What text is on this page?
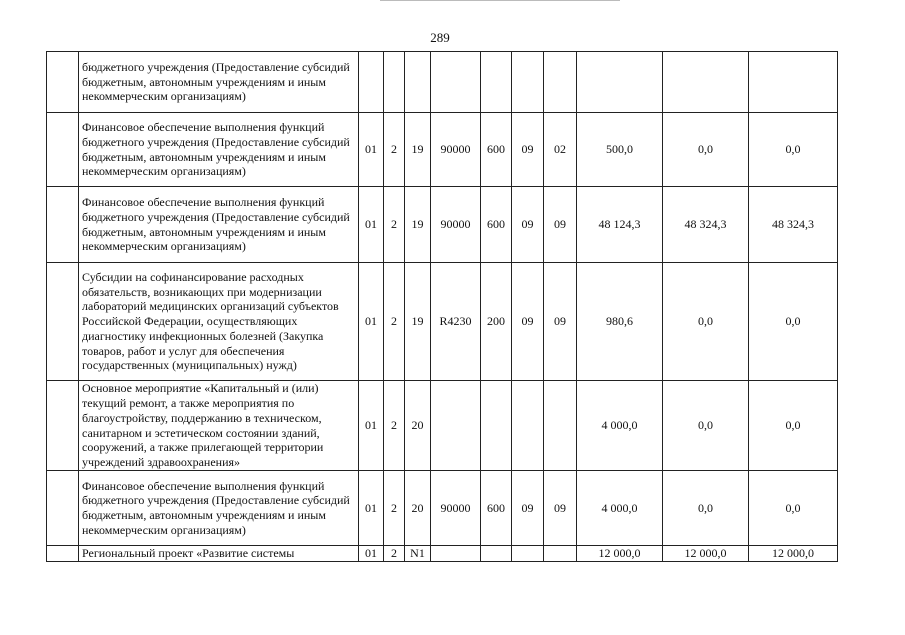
289
	бюджетного учреждения (Предоставление субсидий бюджетным, автономным учреждениям и иным некоммерческим организациям)										
	Финансовое обеспечение выполнения функций бюджетного учреждения (Предоставление субсидий бюджетным, автономным учреждениям и иным некоммерческим организациям)	01	2	19	90000	600	09	02	500,0	0,0	0,0
	Финансовое обеспечение выполнения функций бюджетного учреждения (Предоставление субсидий бюджетным, автономным учреждениям и иным некоммерческим организациям)	01	2	19	90000	600	09	09	48 124,3	48 324,3	48 324,3
	Субсидии на софинансирование расходных обязательств, возникающих при модернизации лабораторий медицинских организаций субъектов Российской Федерации, осуществляющих диагностику инфекционных болезней (Закупка товаров, работ и услуг для обеспечения государственных (муниципальных) нужд)	01	2	19	R4230	200	09	09	980,6	0,0	0,0
	Основное мероприятие «Капитальный и (или) текущий ремонт, а также мероприятия по благоустройству, поддержанию в техническом, санитарном и эстетическом состоянии зданий, сооружений, а также прилегающей территории учреждений здравоохранения»	01	2	20					4 000,0	0,0	0,0
	Финансовое обеспечение выполнения функций бюджетного учреждения (Предоставление субсидий бюджетным, автономным учреждениям и иным некоммерческим организациям)	01	2	20	90000	600	09	09	4 000,0	0,0	0,0
	Региональный проект «Развитие системы	01	2	N1					12 000,0	12 000,0	12 000,0
